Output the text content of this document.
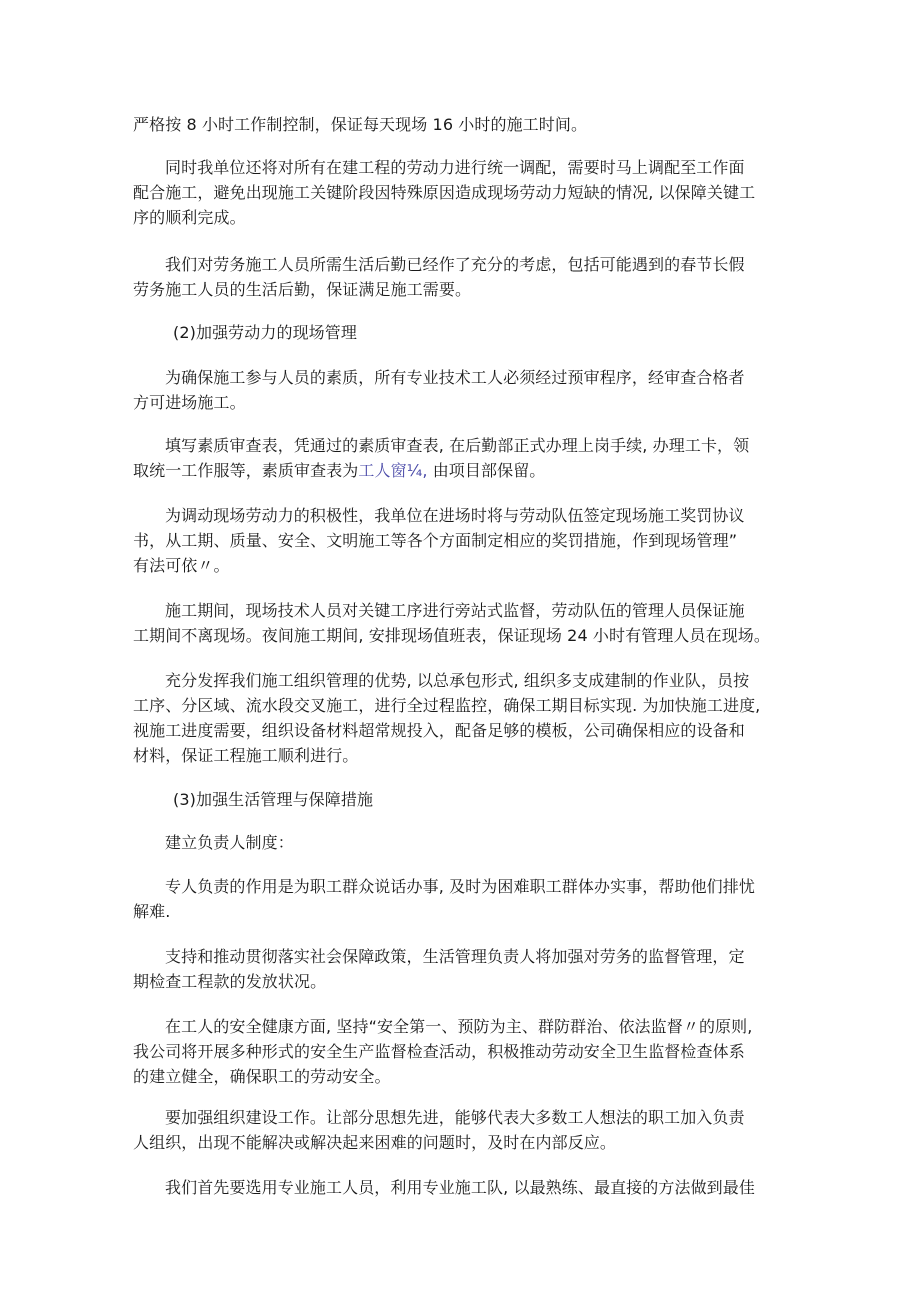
严格按 8 小时工作制控制，保证每天现场 16 小时的施工时间。

同时我单位还将对所有在建工程的劳动力进行统一调配，需要时马上调配至工作面
配合施工，避免出现施工关键阶段因特殊原因造成现场劳动力短缺的情况, 以保障关键工
序的顺利完成。

我们对劳务施工人员所需生活后勤已经作了充分的考虑，包括可能遇到的春节长假
劳务施工人员的生活后勤，保证满足施工需要。

(2)加强劳动力的现场管理

为确保施工参与人员的素质，所有专业技术工人必须经过预审程序，经审查合格者
方可进场施工。

填写素质审查表，凭通过的素质审查表, 在后勤部正式办理上岗手续, 办理工卡，领
取统一工作服等，素质审查表为工人窗¼, 由项目部保留。

为调动现场劳动力的积极性，我单位在进场时将与劳动队伍签定现场施工奖罚协议
书，从工期、质量、安全、文明施工等各个方面制定相应的奖罚措施，作到现场管理”
有法可依〃。

施工期间，现场技术人员对关键工序进行旁站式监督，劳动队伍的管理人员保证施
工期间不离现场。夜间施工期间, 安排现场值班表，保证现场 24 小时有管理人员在现场。

充分发挥我们施工组织管理的优势, 以总承包形式, 组织多支成建制的作业队，员按
工序、分区域、流水段交叉施工，进行全过程监控，确保工期目标实现. 为加快施工进度,
视施工进度需要，组织设备材料超常规投入，配备足够的模板，公司确保相应的设备和
材料，保证工程施工顺利进行。

(3)加强生活管理与保障措施

建立负责人制度：

专人负责的作用是为职工群众说话办事, 及时为困难职工群体办实事，帮助他们排忧
解难.

支持和推动贯彻落实社会保障政策，生活管理负责人将加强对劳务的监督管理，定
期检查工程款的发放状况。

在工人的安全健康方面, 坚持“安全第一、预防为主、群防群治、依法监督〃的原则,
我公司将开展多种形式的安全生产监督检查活动，积极推动劳动安全卫生监督检查体系
的建立健全，确保职工的劳动安全。

要加强组织建设工作。让部分思想先进，能够代表大多数工人想法的职工加入负责
人组织，出现不能解决或解决起来困难的问题时，及时在内部反应。

我们首先要选用专业施工人员，利用专业施工队, 以最熟练、最直接的方法做到最佳
